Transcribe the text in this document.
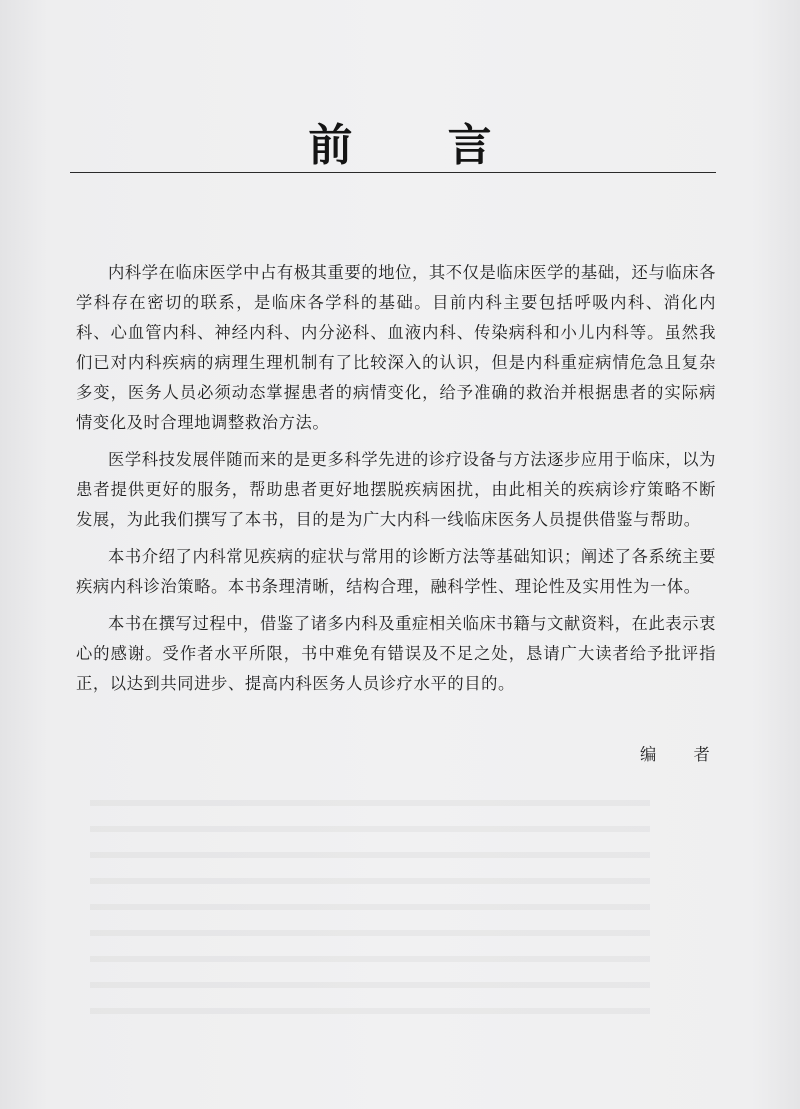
前 言

内科学在临床医学中占有极其重要的地位，其不仅是临床医学的基础，还与临床各学科存在密切的联系，是临床各学科的基础。目前内科主要包括呼吸内科、消化内科、心血管内科、神经内科、内分泌科、血液内科、传染病科和小儿内科等。虽然我们已对内科疾病的病理生理机制有了比较深入的认识，但是内科重症病情危急且复杂多变，医务人员必须动态掌握患者的病情变化，给予准确的救治并根据患者的实际病情变化及时合理地调整救治方法。

医学科技发展伴随而来的是更多科学先进的诊疗设备与方法逐步应用于临床，以为患者提供更好的服务，帮助患者更好地摆脱疾病困扰，由此相关的疾病诊疗策略不断发展，为此我们撰写了本书，目的是为广大内科一线临床医务人员提供借鉴与帮助。

本书介绍了内科常见疾病的症状与常用的诊断方法等基础知识；阐述了各系统主要疾病内科诊治策略。本书条理清晰，结构合理，融科学性、理论性及实用性为一体。

本书在撰写过程中，借鉴了诸多内科及重症相关临床书籍与文献资料，在此表示衷心的感谢。受作者水平所限，书中难免有错误及不足之处，恳请广大读者给予批评指正，以达到共同进步、提高内科医务人员诊疗水平的目的。

编 者
